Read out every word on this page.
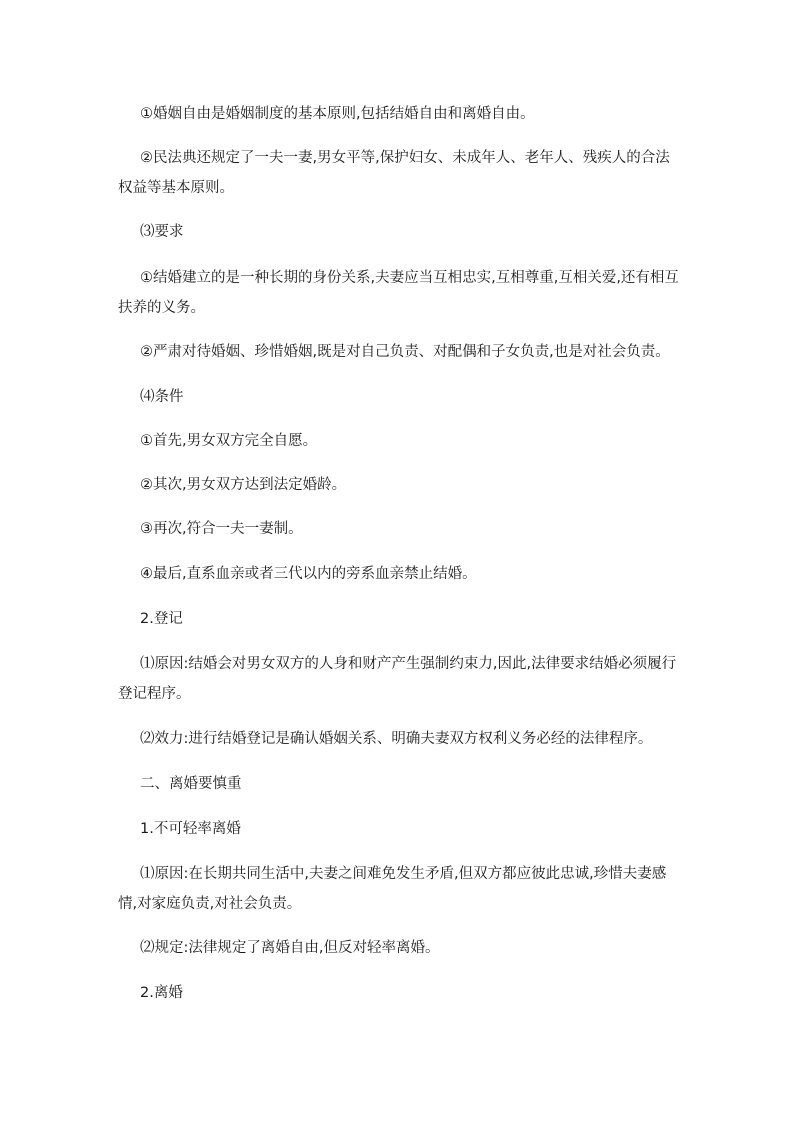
①婚姻自由是婚姻制度的基本原则,包括结婚自由和离婚自由。

②民法典还规定了一夫一妻,男女平等,保护妇女、未成年人、老年人、残疾人的合法权益等基本原则。

⑶要求

①结婚建立的是一种长期的身份关系,夫妻应当互相忠实,互相尊重,互相关爱,还有相互扶养的义务。

②严肃对待婚姻、珍惜婚姻,既是对自己负责、对配偶和子女负责,也是对社会负责。

⑷条件

①首先,男女双方完全自愿。

②其次,男女双方达到法定婚龄。

③再次,符合一夫一妻制。

④最后,直系血亲或者三代以内的旁系血亲禁止结婚。

2.登记

⑴原因:结婚会对男女双方的人身和财产产生强制约束力,因此,法律要求结婚必须履行登记程序。

⑵效力:进行结婚登记是确认婚姻关系、明确夫妻双方权利义务必经的法律程序。

二、离婚要慎重

1.不可轻率离婚

⑴原因:在长期共同生活中,夫妻之间难免发生矛盾,但双方都应彼此忠诚,珍惜夫妻感情,对家庭负责,对社会负责。

⑵规定:法律规定了离婚自由,但反对轻率离婚。

2.离婚
